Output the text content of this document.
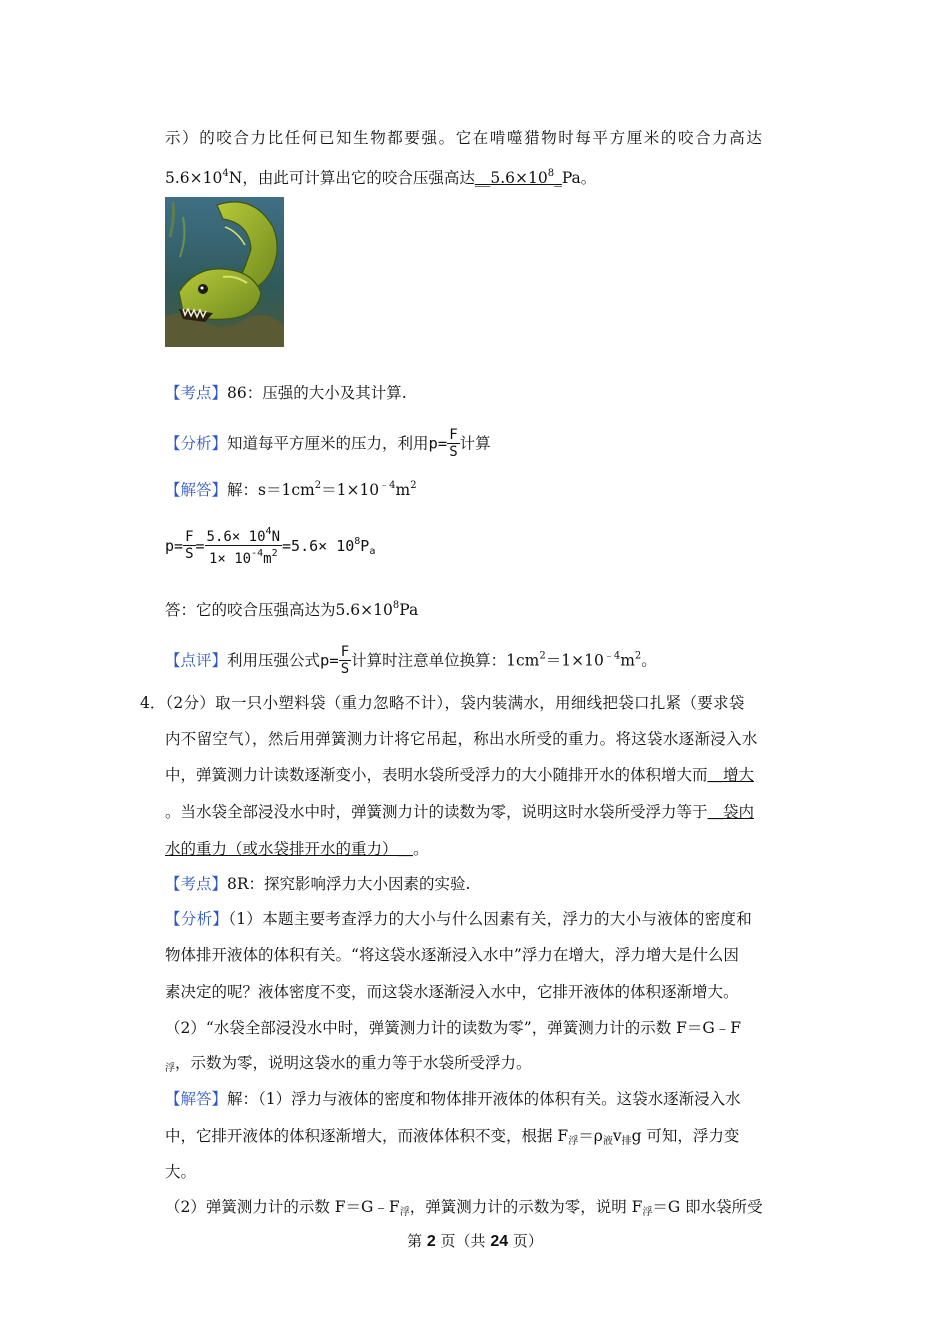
示）的咬合力比任何已知生物都要强。它在啃噬猎物时每平方厘米的咬合力高达
$5.6\times 10^4N$，由此可计算出它的咬合压强高达$\_\_5.6\times 10^8\_Pa$。
【考点】86：压强的大小及其计算.
【分析】知道每平方厘米的压力，利用$p= \frac{F}{S}$ 计算
【解答】解：$s=1cm^2=1\times 10^{﹣4}m^2$
$p= \frac{F}{S} = \frac{5.6\times 10^4N}{1\times 10^{-4}m^2} =5.6\times 10^8P_a$
答：它的咬合压强高达为$5.6\times 10^8Pa$
【点评】利用压强公式$p= \frac{F}{S}$ 计算时注意单位换算：$1cm^2=1\times 10^{﹣4}m^2$。
4．（2分）取一只小塑料袋（重力忽略不计），袋内装满水，用细线把袋口扎紧（要求袋
内不留空气），然后用弹簧测力计将它吊起，称出水所受的重力。将这袋水逐渐浸入水
中，弹簧测力计读数逐渐变小，表明水袋所受浮力的大小随排开水的体积增大而＿增大
。当水袋全部浸没水中时，弹簧测力计的读数为零，说明这时水袋所受浮力等于＿袋内
水的重力（或水袋排开水的重力）＿。
【考点】8R：探究影响浮力大小因素的实验.
【分析】（1）本题主要考查浮力的大小与什么因素有关，浮力的大小与液体的密度和
物体排开液体的体积有关。“将这袋水逐渐浸入水中”浮力在增大，浮力增大是什么因
素决定的呢？液体密度不变，而这袋水逐渐浸入水中，它排开液体的体积逐渐增大。
（2）“水袋全部浸没水中时，弹簧测力计的读数为零”，弹簧测力计的示数 F＝G﹣F
$_浮$，示数为零，说明这袋水的重力等于水袋所受浮力。
【解答】解：（1）浮力与液体的密度和物体排开液体的体积有关。这袋水逐渐浸入水
中，它排开液体的体积逐渐增大，而液体体积不变，根据 $F_浮=\rho_液v_排g$ 可知，浮力变
大。
（2）弹簧测力计的示数 $F=G﹣F_浮$，弹簧测力计的示数为零，说明 $F_浮=G$ 即水袋所受
第 2 页（共 24 页）
